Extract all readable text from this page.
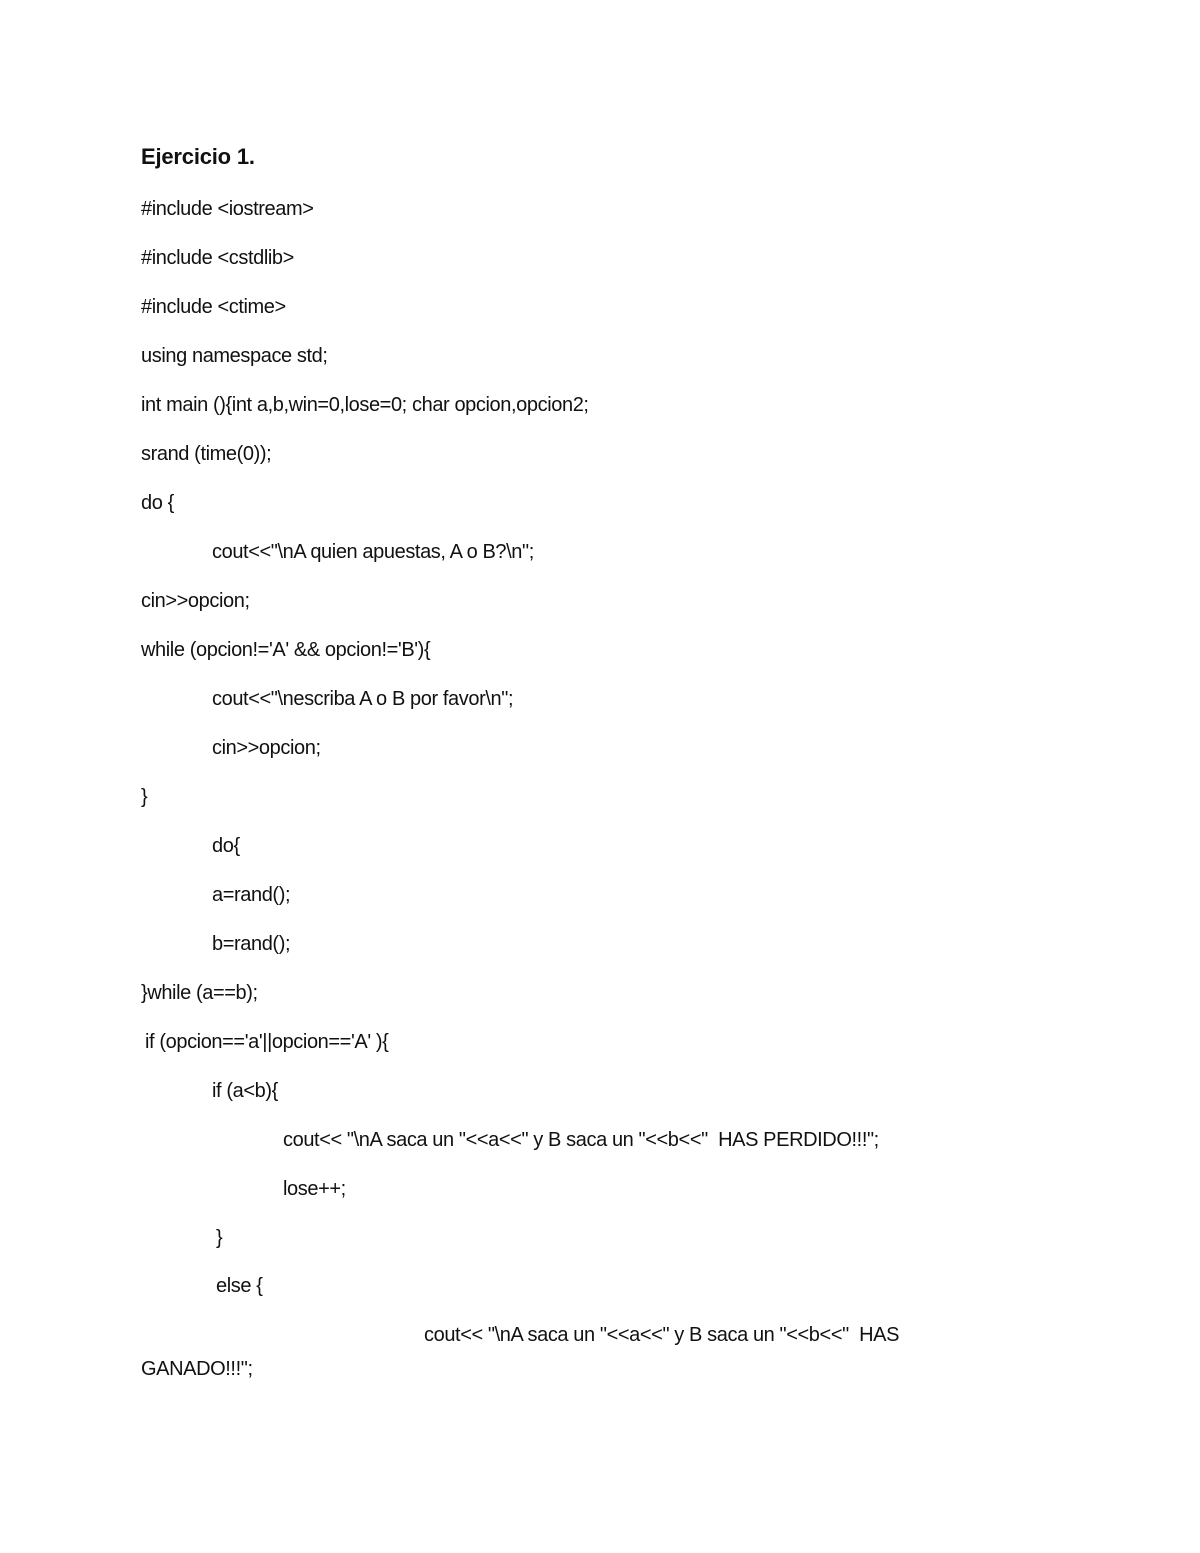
Ejercicio 1.
#include <iostream>
#include <cstdlib>
#include <ctime>
using namespace std;
int main (){int a,b,win=0,lose=0; char opcion,opcion2;
srand (time(0));
do {
cout<<"\nA quien apuestas, A o B?\n";
cin>>opcion;
while (opcion!='A' && opcion!='B'){
cout<<"\nescriba A o B por favor\n";
cin>>opcion;
}
do{
a=rand();
b=rand();
}while (a==b);
if (opcion=='a'||opcion=='A' ){
if (a<b){
cout<< "\nA saca un "<<a<<" y B saca un "<<b<<"  HAS PERDIDO!!!";
lose++;
}
else {
cout<< "\nA saca un "<<a<<" y B saca un "<<b<<"  HAS
GANADO!!!";
